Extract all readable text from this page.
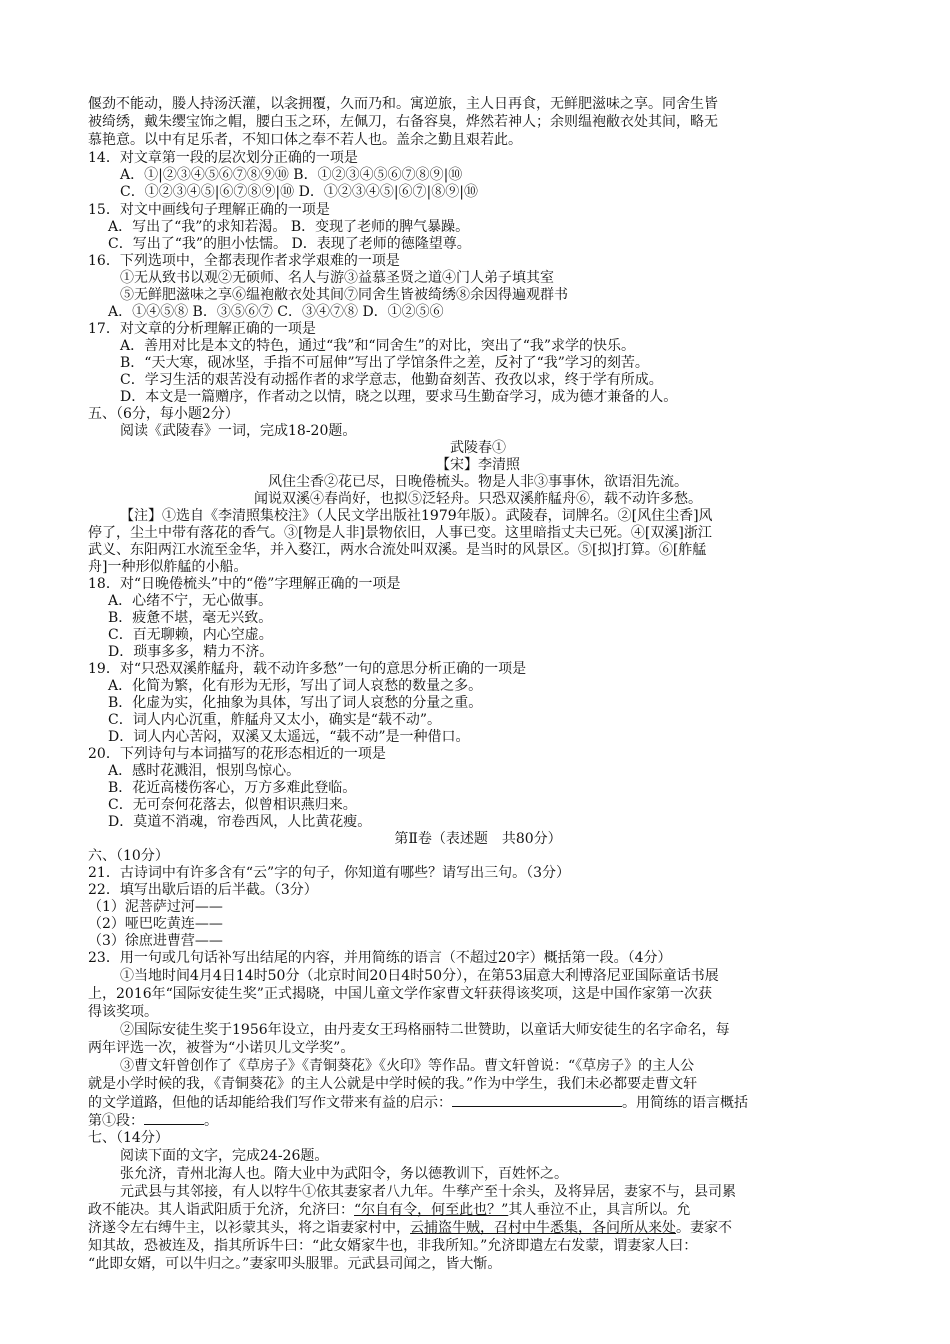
偃劲不能动，媵人持汤沃灌，以衾拥覆，久而乃和。寓逆旅，主人日再食，无鲜肥滋味之享。同舍生皆
被绮绣，戴朱缨宝饰之帽，腰白玉之环，左佩刀，右备容臭，烨然若神人；余则缊袍敝衣处其间，略无
慕艳意。以中有足乐者，不知口体之奉不若人也。盖余之勤且艰若此。
14．对文章第一段的层次划分正确的一项是
A．①|②③④⑤⑥⑦⑧⑨⑩ B．①②③④⑤⑥⑦⑧⑨|⑩
C．①②③④⑤|⑥⑦⑧⑨|⑩ D．①②③④⑤|⑥⑦|⑧⑨|⑩
15．对文中画线句子理解正确的一项是
A．写出了“我”的求知若渴。 B．变现了老师的脾气暴躁。
C．写出了“我”的胆小怯懦。 D．表现了老师的德隆望尊。
16．下列选项中，全都表现作者求学艰难的一项是
①无从致书以观②无硕师、名人与游③益慕圣贤之道④门人弟子填其室
⑤无鲜肥滋味之享⑥缊袍敝衣处其间⑦同舍生皆被绮绣⑧余因得遍观群书
A．①④⑤⑧ B．③⑤⑥⑦ C．③④⑦⑧ D．①②⑤⑥
17．对文章的分析理解正确的一项是
A．善用对比是本文的特色，通过“我”和“同舍生”的对比，突出了“我”求学的快乐。
B．“天大寒，砚冰坚，手指不可屈伸”写出了学馆条件之差，反衬了“我”学习的刻苦。
C．学习生活的艰苦没有动摇作者的求学意志，他勤奋刻苦、孜孜以求，终于学有所成。
D．本文是一篇赠序，作者动之以情，晓之以理，要求马生勤奋学习，成为德才兼备的人。
五、（6分，每小题2分）
阅读《武陵春》一词，完成18-20题。
武陵春①
【宋】李清照
风住尘香②花已尽，日晚倦梳头。物是人非③事事休，欲语泪先流。
闻说双溪④春尚好，也拟⑤泛轻舟。只恐双溪舴艋舟⑥，载不动许多愁。
【注】①选自《李清照集校注》（人民文学出版社1979年版）。武陵春，词牌名。②[风住尘香]风
停了，尘土中带有落花的香气。③[物是人非]景物依旧，人事已变。这里暗指丈夫已死。④[双溪]浙江
武义、东阳两江水流至金华，并入婺江，两水合流处叫双溪。是当时的风景区。⑤[拟]打算。⑥[舴艋
舟]一种形似舴艋的小船。
18．对“日晚倦梳头”中的“倦”字理解正确的一项是
A．心绪不宁，无心做事。
B．疲惫不堪，毫无兴致。
C．百无聊赖，内心空虚。
D．琐事多多，精力不济。
19．对“只恐双溪舴艋舟，载不动许多愁”一句的意思分析正确的一项是
A．化简为繁，化有形为无形，写出了词人哀愁的数量之多。
B．化虚为实，化抽象为具体，写出了词人哀愁的分量之重。
C．词人内心沉重，舴艋舟又太小，确实是“载不动”。
D．词人内心苦闷，双溪又太遥远，“载不动”是一种借口。
20．下列诗句与本词描写的花形态相近的一项是
A．感时花溅泪，恨别鸟惊心。
B．花近高楼伤客心，万方多难此登临。
C．无可奈何花落去，似曾相识燕归来。
D．莫道不消魂，帘卷西风，人比黄花瘦。
第Ⅱ卷（表述题　共80分）
六、（10分）
21．古诗词中有许多含有“云”字的句子，你知道有哪些？请写出三句。（3分）
22．填写出歇后语的后半截。（3分）
（1）泥菩萨过河——
（2）哑巴吃黄连——
（3）徐庶进曹营——
23．用一句或几句话补写出结尾的内容，并用简练的语言（不超过20字）概括第一段。（4分）
①当地时间4月4日14时50分（北京时间20日4时50分），在第53届意大利博洛尼亚国际童话书展
上，2016年“国际安徒生奖”正式揭晓，中国儿童文学作家曹文轩获得该奖项，这是中国作家第一次获
得该奖项。
②国际安徒生奖于1956年设立，由丹麦女王玛格丽特二世赞助，以童话大师安徒生的名字命名，每
两年评选一次，被誉为“小诺贝儿文学奖”。
③曹文轩曾创作了《草房子》《青铜葵花》《火印》等作品。曹文轩曾说：“《草房子》的主人公
就是小学时候的我，《青铜葵花》的主人公就是中学时候的我。”作为中学生，我们未必都要走曹文轩
的文学道路，但他的话却能给我们写作文带来有益的启示：	。用简练的语言概括
第①段：	。
七、（14分）
阅读下面的文字，完成24-26题。
张允济，青州北海人也。隋大业中为武阳令，务以德教训下，百姓怀之。
元武县与其邻接，有人以牸牛①依其妻家者八九年。牛孳产至十余头，及将异居，妻家不与，县司累
政不能决。其人诣武阳质于允济，允济曰：“尔自有令，何至此也？”其人垂泣不止，具言所以。允
济遂令左右缚牛主，以衫蒙其头，将之诣妻家村中，云捕盗牛贼，召村中牛悉集，各问所从来处。妻家不
知其故，恐被连及，指其所诉牛曰：“此女婿家牛也，非我所知。”允济即遣左右发蒙，谓妻家人曰：
“此即女婿，可以牛归之。”妻家叩头服罪。元武县司闻之，皆大惭。
